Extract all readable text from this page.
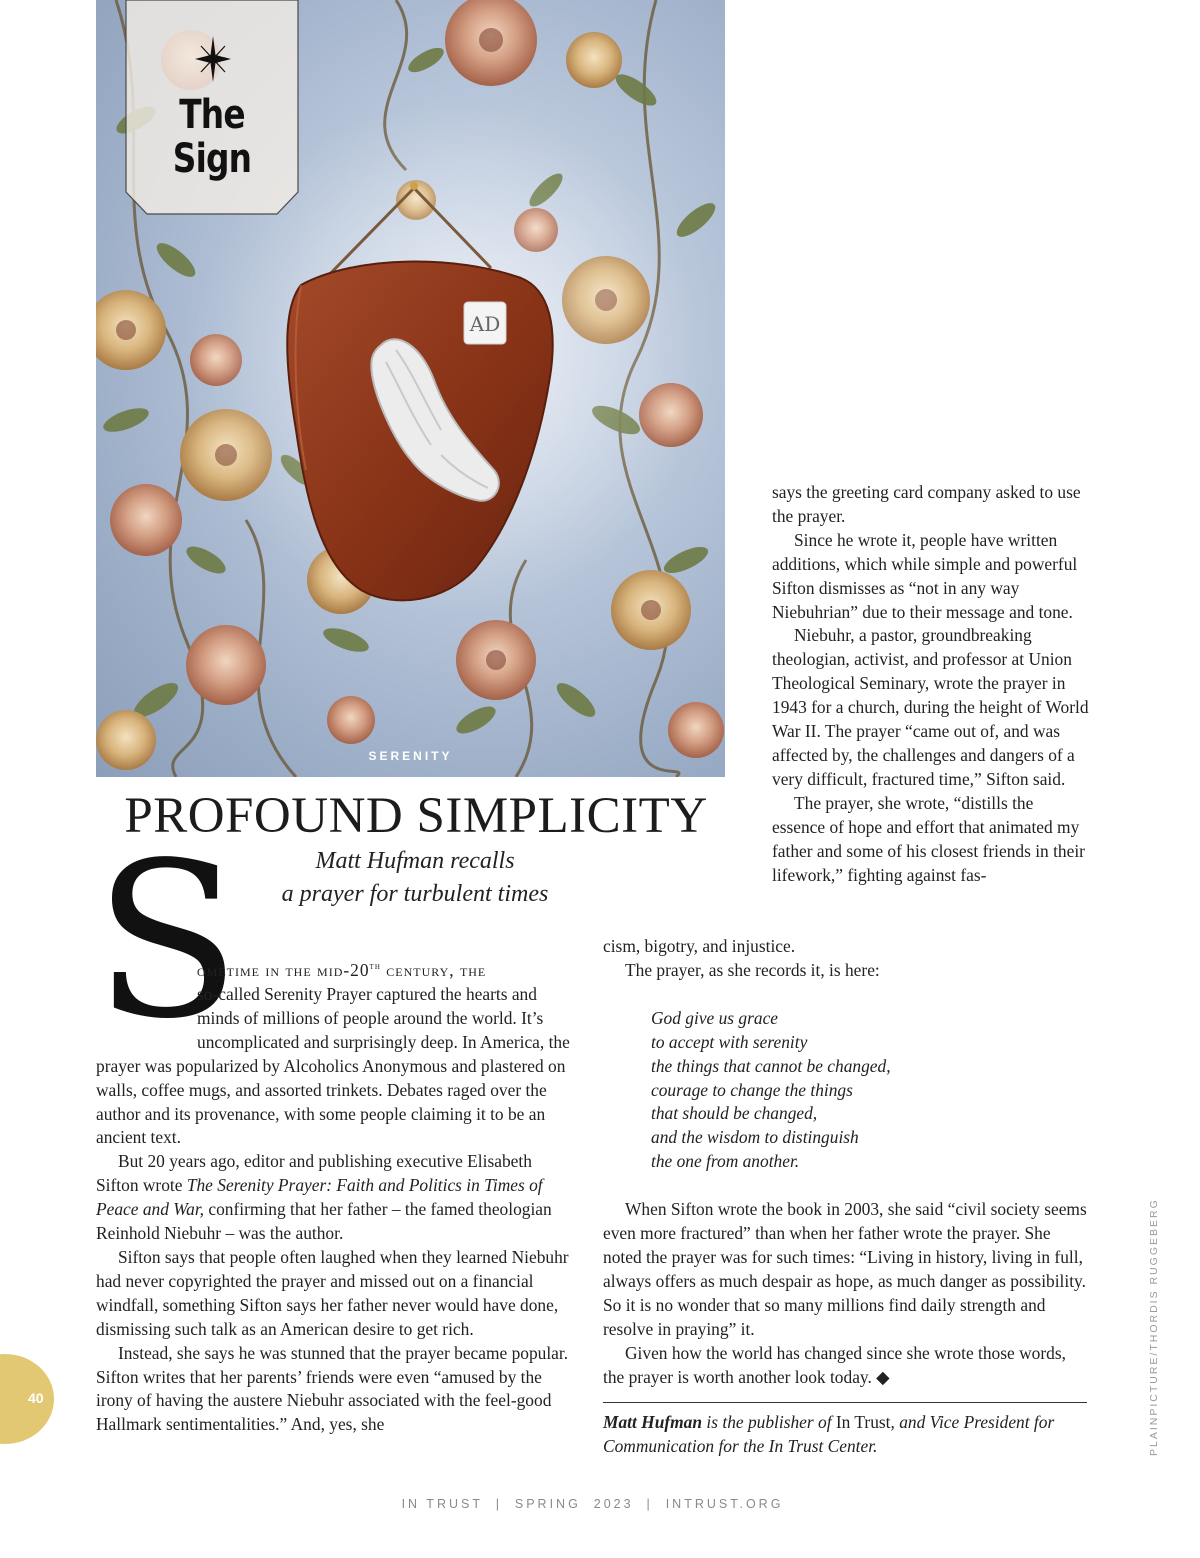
AD
SERENITY
The
Sign
PROFOUND SIMPLICITY
Matt Hufman recalls
a prayer for turbulent times
S

ometime in the mid-20th century, the

so-called Serenity Prayer captured the hearts and minds of millions of people around the world. It’s uncomplicated and surprisingly deep. In America, the prayer was popularized by Alcoholics Anonymous and plastered on walls, coffee mugs, and assorted trinkets. Debates raged over the author and its provenance, with some people claiming it to be an ancient text.

But 20 years ago, editor and publishing executive Elisabeth Sifton wrote The Serenity Prayer: Faith and Politics in Times of Peace and War, confirming that her father – the famed theologian Reinhold Niebuhr – was the author.

Sifton says that people often laughed when they learned Niebuhr had never copyrighted the prayer and missed out on a financial windfall, something Sifton says her father never would have done, dismissing such talk as an American desire to get rich.

Instead, she says he was stunned that the prayer became popular. Sifton writes that her parents’ friends were even “amused by the irony of having the austere Niebuhr associated with the feel-good Hallmark sentimentalities.” And, yes, she

says the greeting card company asked to use the prayer.

Since he wrote it, people have written additions, which while simple and powerful Sifton dismisses as “not in any way Niebuhrian” due to their message and tone.

Niebuhr, a pastor, groundbreaking theologian, activist, and professor at Union Theological Seminary, wrote the prayer in 1943 for a church, during the height of World War II. The prayer “came out of, and was affected by, the challenges and dangers of a very difficult, fractured time,” Sifton said.

The prayer, she wrote, “distills the essence of hope and effort that animated my father and some of his closest friends in their lifework,” fighting against fas-

cism, bigotry, and injustice.

The prayer, as she records it, is here:

God give us grace
to accept with serenity
the things that cannot be changed,
courage to change the things
that should be changed,
and the wisdom to distinguish
the one from another.

When Sifton wrote the book in 2003, she said “civil society seems even more fractured” than when her father wrote the prayer. She noted the prayer was for such times: “Living in history, living in full, always offers as much despair as hope, as much danger as possibility. So it is no wonder that so many millions find daily strength and resolve in praying” it.

Given how the world has changed since she wrote those words, the prayer is worth another look today. ◆

Matt Hufman is the publisher of In Trust, and Vice President for Communication for the In Trust Center.
40	PLAINPICTURE/THORDIS RUGGEBERG
IN TRUST  |  SPRING  2023  |  INTRUST.ORG
